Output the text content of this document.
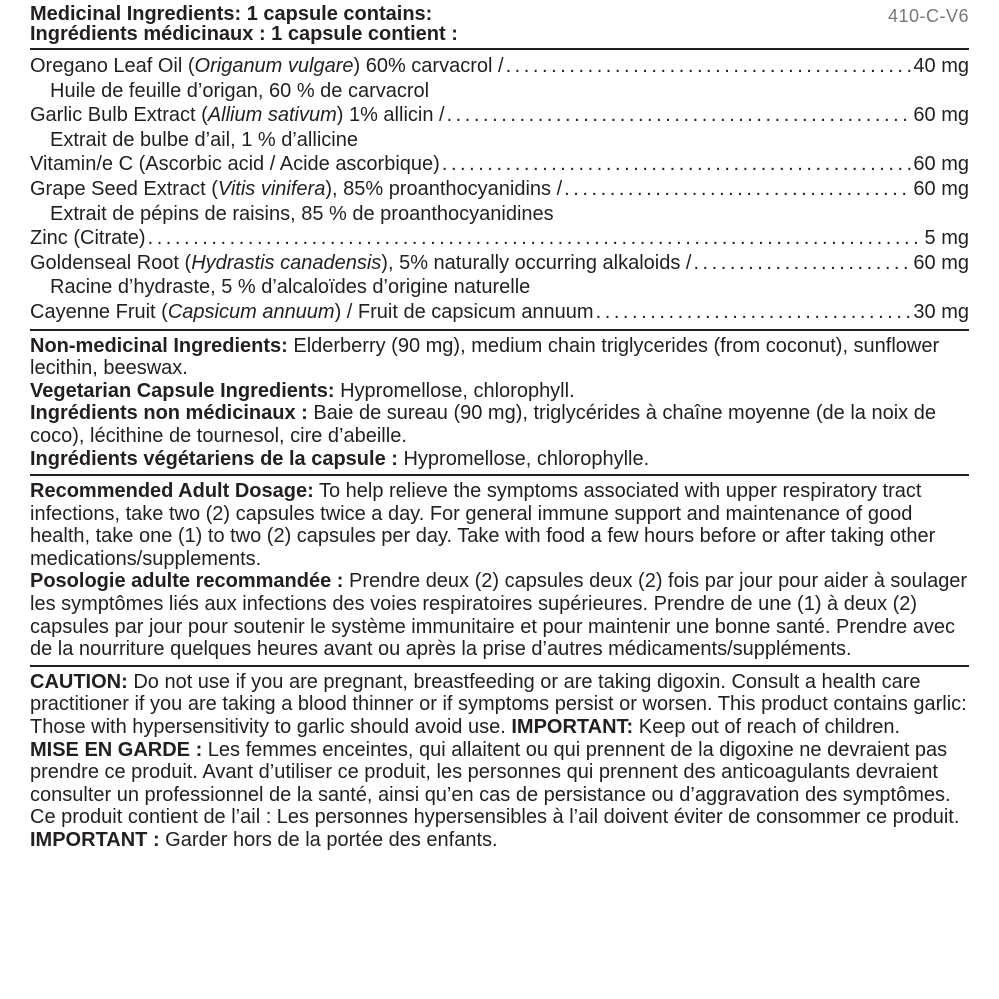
410-C-V6
Medicinal Ingredients: 1 capsule contains:
Ingrédients médicinaux : 1 capsule contient :
Oregano Leaf Oil (Origanum vulgare) 60% carvacrol / . . .	40 mg
Huile de feuille d’origan, 60 % de carvacrol
Garlic Bulb Extract (Allium sativum) 1% allicin / . . .	60 mg
Extrait de bulbe d’ail, 1 % d’allicine
Vitamin/e C (Ascorbic acid / Acide ascorbique) . . .	60 mg
Grape Seed Extract (Vitis vinifera), 85% proanthocyanidins / . . .	60 mg
Extrait de pépins de raisins, 85 % de proanthocyanidines
Zinc (Citrate) . . .	5 mg
Goldenseal Root (Hydrastis canadensis), 5% naturally occurring alkaloids / . . .	60 mg
Racine d’hydraste, 5 % d’alcaloïdes d’origine naturelle
Cayenne Fruit (Capsicum annuum) / Fruit de capsicum annuum . . .	30 mg

Non-medicinal Ingredients: Elderberry (90 mg), medium chain triglycerides (from coconut), sunflower lecithin, beeswax.

Vegetarian Capsule Ingredients: Hypromellose, chlorophyll.

Ingrédients non médicinaux : Baie de sureau (90 mg), triglycérides à chaîne moyenne (de la noix de coco), lécithine de tournesol, cire d’abeille.

Ingrédients végétariens de la capsule : Hypromellose, chlorophylle.

Recommended Adult Dosage: To help relieve the symptoms associated with upper respiratory tract infections, take two (2) capsules twice a day. For general immune support and maintenance of good health, take one (1) to two (2) capsules per day. Take with food a few hours before or after taking other medications/supplements.

Posologie adulte recommandée : Prendre deux (2) capsules deux (2) fois par jour pour aider à soulager les symptômes liés aux infections des voies respiratoires supérieures. Prendre de une (1) à deux (2) capsules par jour pour soutenir le système immunitaire et pour maintenir une bonne santé. Prendre avec de la nourriture quelques heures avant ou après la prise d’autres médicaments/suppléments.

CAUTION: Do not use if you are pregnant, breastfeeding or are taking digoxin. Consult a health care practitioner if you are taking a blood thinner or if symptoms persist or worsen. This product contains garlic: Those with hypersensitivity to garlic should avoid use. IMPORTANT: Keep out of reach of children.

MISE EN GARDE : Les femmes enceintes, qui allaitent ou qui prennent de la digoxine ne devraient pas prendre ce produit. Avant d’utiliser ce produit, les personnes qui prennent des anticoagulants devraient consulter un professionnel de la santé, ainsi qu’en cas de persistance ou d’aggravation des symptômes. Ce produit contient de l’ail : Les personnes hypersensibles à l’ail doivent éviter de consommer ce produit.

IMPORTANT : Garder hors de la portée des enfants.
